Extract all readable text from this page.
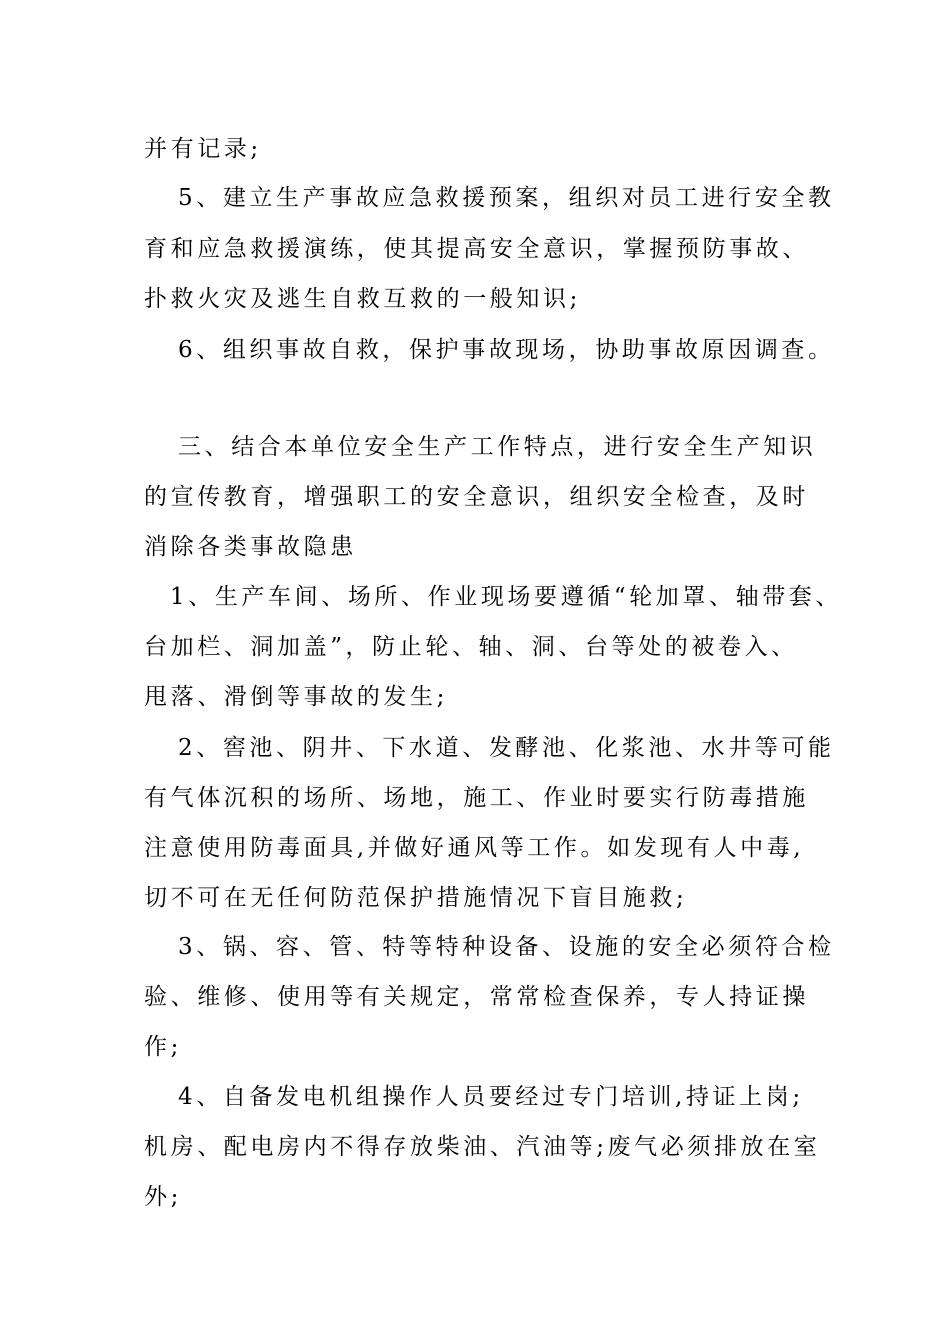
并有记录;
5、建立生产事故应急救援预案，组织对员工进行安全教
育和应急救援演练，使其提高安全意识，掌握预防事故、
扑救火灾及逃生自救互救的一般知识;
6、组织事故自救，保护事故现场，协助事故原因调查。
三、结合本单位安全生产工作特点，进行安全生产知识
的宣传教育，增强职工的安全意识，组织安全检查，及时
消除各类事故隐患
1、生产车间、场所、作业现场要遵循“轮加罩、轴带套、
台加栏、洞加盖”，防止轮、轴、洞、台等处的被卷入、
甩落、滑倒等事故的发生;
2、窖池、阴井、下水道、发酵池、化浆池、水井等可能
有气体沉积的场所、场地，施工、作业时要实行防毒措施
注意使用防毒面具,并做好通风等工作。如发现有人中毒,
切不可在无任何防范保护措施情况下盲目施救;
3、锅、容、管、特等特种设备、设施的安全必须符合检
验、维修、使用等有关规定，常常检查保养，专人持证操
作;
4、自备发电机组操作人员要经过专门培训,持证上岗;
机房、配电房内不得存放柴油、汽油等;废气必须排放在室
外;
